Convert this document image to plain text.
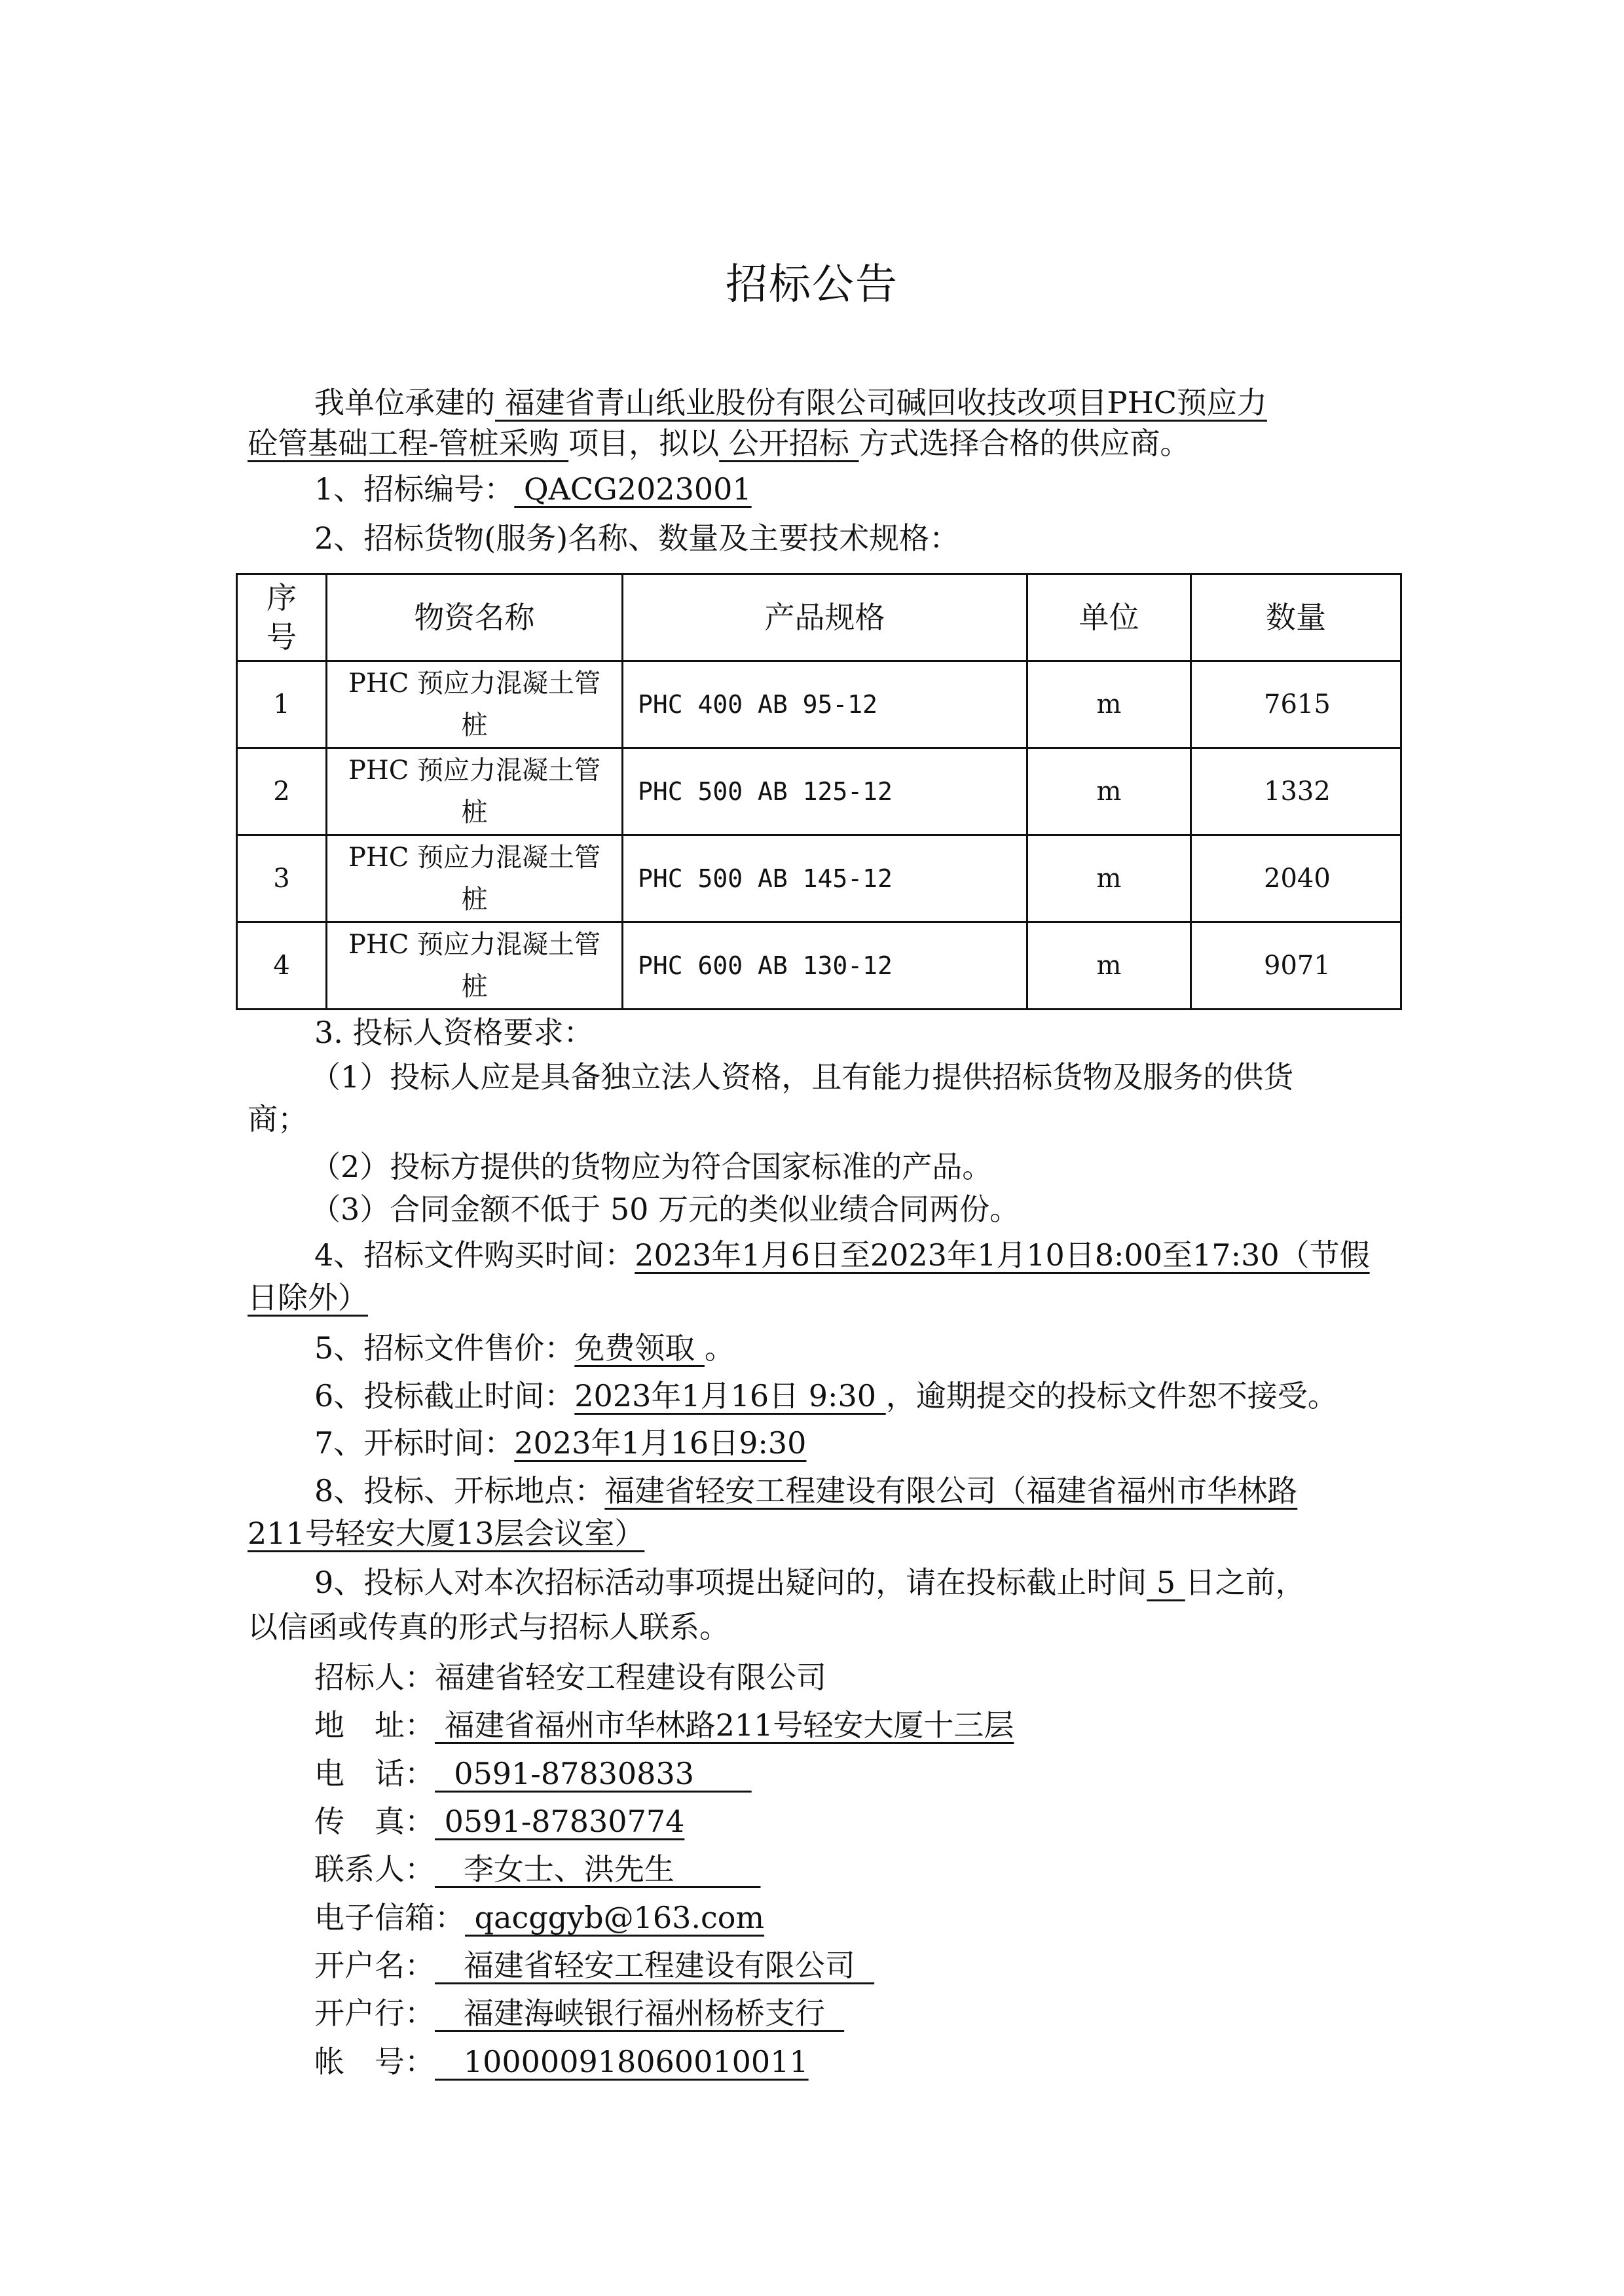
招标公告
我单位承建的 福建省青山纸业股份有限公司碱回收技改项目PHC预应力
砼管基础工程-管桩采购 项目，拟以 公开招标 方式选择合格的供应商。
1、招标编号： QACG2023001
2、招标货物(服务)名称、数量及主要技术规格：
序号	物资名称	产品规格	单位	数量
1	PHC 预应力混凝土管桩	PHC 400 AB 95-12	m	7615
2	PHC 预应力混凝土管桩	PHC 500 AB 125-12	m	1332
3	PHC 预应力混凝土管桩	PHC 500 AB 145-12	m	2040
4	PHC 预应力混凝土管桩	PHC 600 AB 130-12	m	9071
3. 投标人资格要求：
（1）投标人应是具备独立法人资格，且有能力提供招标货物及服务的供货
商；
（2）投标方提供的货物应为符合国家标准的产品。
（3）合同金额不低于 50 万元的类似业绩合同两份。
4、招标文件购买时间：2023年1月6日至2023年1月10日8:00至17:30（节假
日除外）
5、招标文件售价：免费领取 。
6、投标截止时间：2023年1月16日 9:30 ，逾期提交的投标文件恕不接受。
7、开标时间：2023年1月16日9:30
8、投标、开标地点：福建省轻安工程建设有限公司（福建省福州市华林路
211号轻安大厦13层会议室）
9、投标人对本次招标活动事项提出疑问的，请在投标截止时间 5 日之前，
以信函或传真的形式与招标人联系。
招标人：福建省轻安工程建设有限公司
地　址： 福建省福州市华林路211号轻安大厦十三层
电　话：  0591-87830833
传　真： 0591-87830774
联系人：   李女士、洪先生
电子信箱： qacggyb@163.com
开户名：   福建省轻安工程建设有限公司
开户行：   福建海峡银行福州杨桥支行
帐　号：   100000918060010011
